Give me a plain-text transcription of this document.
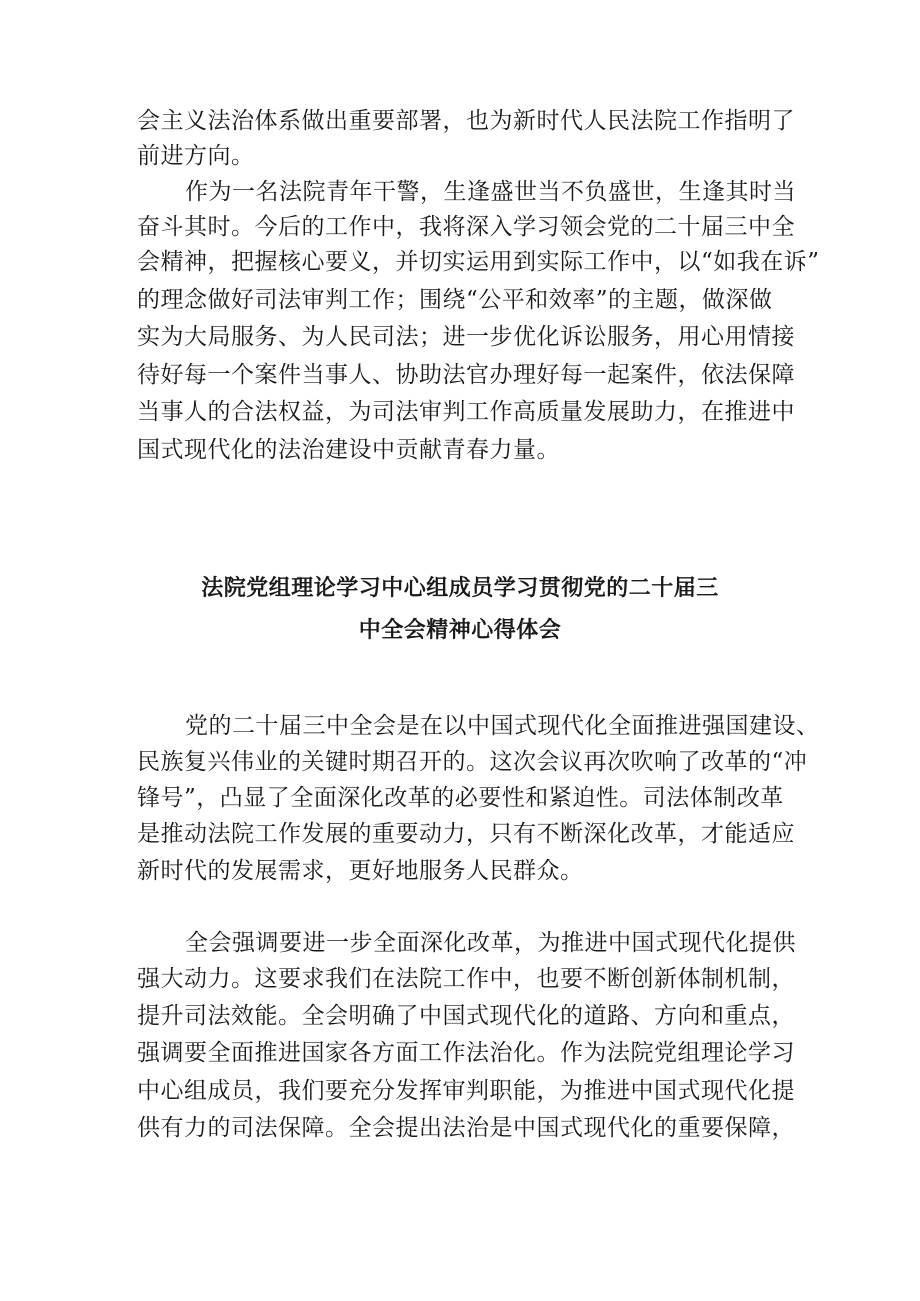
会主义法治体系做出重要部署，也为新时代人民法院工作指明了
前进方向。
作为一名法院青年干警，生逢盛世当不负盛世，生逢其时当
奋斗其时。今后的工作中，我将深入学习领会党的二十届三中全
会精神，把握核心要义，并切实运用到实际工作中，以“如我在诉”
的理念做好司法审判工作；围绕“公平和效率”的主题，做深做
实为大局服务、为人民司法；进一步优化诉讼服务，用心用情接
待好每一个案件当事人、协助法官办理好每一起案件，依法保障
当事人的合法权益，为司法审判工作高质量发展助力，在推进中
国式现代化的法治建设中贡献青春力量。
法院党组理论学习中心组成员学习贯彻党的二十届三
中全会精神心得体会
党的二十届三中全会是在以中国式现代化全面推进强国建设、
民族复兴伟业的关键时期召开的。这次会议再次吹响了改革的“冲
锋号”，凸显了全面深化改革的必要性和紧迫性。司法体制改革
是推动法院工作发展的重要动力，只有不断深化改革，才能适应
新时代的发展需求，更好地服务人民群众。
全会强调要进一步全面深化改革，为推进中国式现代化提供
强大动力。这要求我们在法院工作中，也要不断创新体制机制，
提升司法效能。全会明确了中国式现代化的道路、方向和重点，
强调要全面推进国家各方面工作法治化。作为法院党组理论学习
中心组成员，我们要充分发挥审判职能，为推进中国式现代化提
供有力的司法保障。全会提出法治是中国式现代化的重要保障，
